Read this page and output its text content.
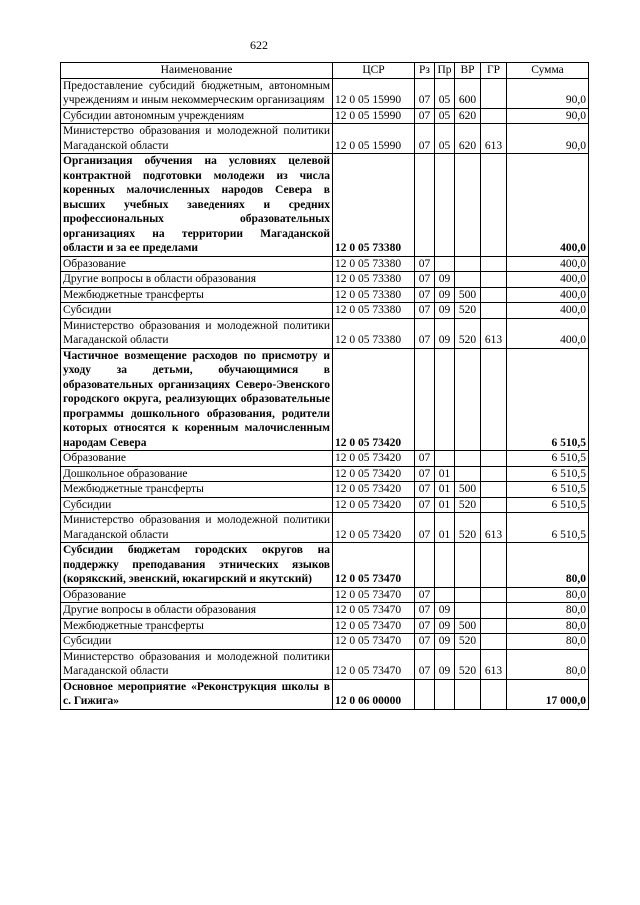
622
Наименование	ЦСР	Рз	Пр	ВР	ГР	Сумма
Предоставление субсидий бюджетным, автономным учреждениям и иным некоммерческим организациям	12 0 05 15990	07	05	600		90,0
Субсидии автономным учреждениям	12 0 05 15990	07	05	620		90,0
Министерство образования и молодежной политики Магаданской области	12 0 05 15990	07	05	620	613	90,0
Организация обучения на условиях целевой контрактной подготовки молодежи из числа коренных малочисленных народов Севера в высших учебных заведениях и средних профессиональных образовательных организациях на территории Магаданской области и за ее пределами	12 0 05 73380					400,0
Образование	12 0 05 73380	07				400,0
Другие вопросы в области образования	12 0 05 73380	07	09			400,0
Межбюджетные трансферты	12 0 05 73380	07	09	500		400,0
Субсидии	12 0 05 73380	07	09	520		400,0
Министерство образования и молодежной политики Магаданской области	12 0 05 73380	07	09	520	613	400,0
Частичное возмещение расходов по присмотру и уходу за детьми, обучающимися в образовательных организациях Северо-Эвенского городского округа, реализующих образовательные программы дошкольного образования, родители которых относятся к коренным малочисленным народам Севера	12 0 05 73420					6 510,5
Образование	12 0 05 73420	07				6 510,5
Дошкольное образование	12 0 05 73420	07	01			6 510,5
Межбюджетные трансферты	12 0 05 73420	07	01	500		6 510,5
Субсидии	12 0 05 73420	07	01	520		6 510,5
Министерство образования и молодежной политики Магаданской области	12 0 05 73420	07	01	520	613	6 510,5
Субсидии бюджетам городских округов на поддержку преподавания этнических языков (корякский, эвенский, юкагирский и якутский)	12 0 05 73470					80,0
Образование	12 0 05 73470	07				80,0
Другие вопросы в области образования	12 0 05 73470	07	09			80,0
Межбюджетные трансферты	12 0 05 73470	07	09	500		80,0
Субсидии	12 0 05 73470	07	09	520		80,0
Министерство образования и молодежной политики Магаданской области	12 0 05 73470	07	09	520	613	80,0
Основное мероприятие «Реконструкция школы в с. Гижига»	12 0 06 00000					17 000,0
